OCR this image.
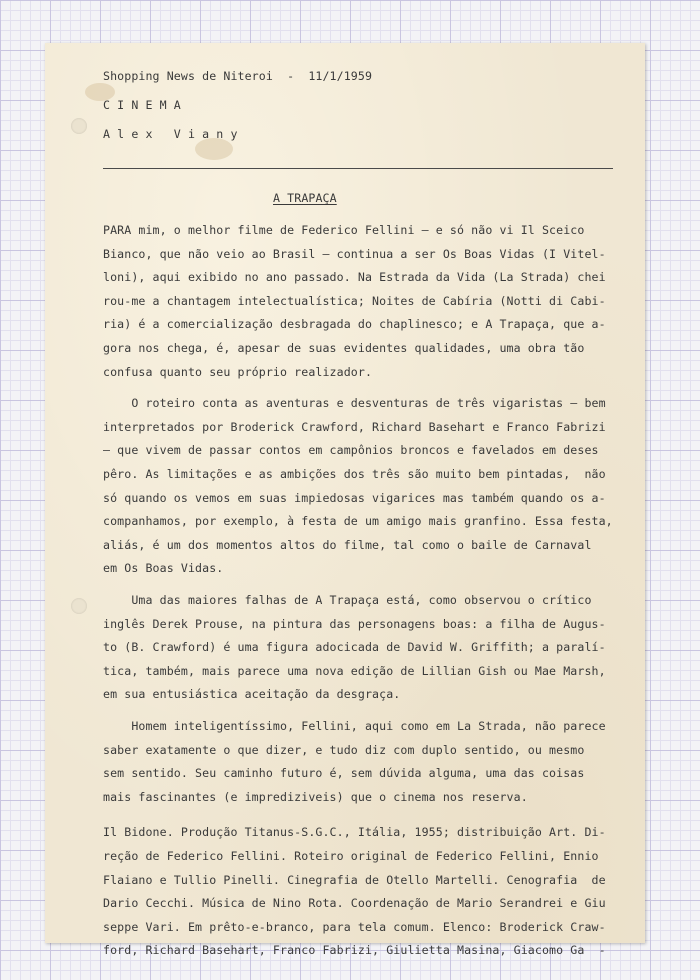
Shopping News de Niteroi  -  11/1/1959

C I N E M A

A l e x   V i a n y

A TRAPAÇA

PARA mim, o melhor filme de Federico Fellini — e só não vi Il Sceico

Bianco, que não veio ao Brasil — continua a ser Os Boas Vidas (I Vitel-

loni), aqui exibido no ano passado. Na Estrada da Vida (La Strada) chei

rou-me a chantagem intelectualística; Noites de Cabíria (Notti di Cabi-

ria) é a comercialização desbragada do chaplinesco; e A Trapaça, que a-

gora nos chega, é, apesar de suas evidentes qualidades, uma obra tão

confusa quanto seu próprio realizador.

O roteiro conta as aventuras e desventuras de três vigaristas — bem

interpretados por Broderick Crawford, Richard Basehart e Franco Fabrizi

— que vivem de passar contos em campônios broncos e favelados em deses

pêro. As limitações e as ambições dos três são muito bem pintadas,  não

só quando os vemos em suas impiedosas vigarices mas também quando os a-

companhamos, por exemplo, à festa de um amigo mais granfino. Essa festa,

aliás, é um dos momentos altos do filme, tal como o baile de Carnaval

em Os Boas Vidas.

Uma das maiores falhas de A Trapaça está, como observou o crítico

inglês Derek Prouse, na pintura das personagens boas: a filha de Augus-

to (B. Crawford) é uma figura adocicada de David W. Griffith; a paralí-

tica, também, mais parece uma nova edição de Lillian Gish ou Mae Marsh,

em sua entusiástica aceitação da desgraça.

Homem inteligentíssimo, Fellini, aqui como em La Strada, não parece

saber exatamente o que dizer, e tudo diz com duplo sentido, ou mesmo

sem sentido. Seu caminho futuro é, sem dúvida alguma, uma das coisas

mais fascinantes (e imprediziveis) que o cinema nos reserva.

Il Bidone. Produção Titanus-S.G.C., Itália, 1955; distribuição Art. Di-

reção de Federico Fellini. Roteiro original de Federico Fellini, Ennio

Flaiano e Tullio Pinelli. Cinegrafia de Otello Martelli. Cenografia  de

Dario Cecchi. Música de Nino Rota. Coordenação de Mario Serandrei e Giu

seppe Vari. Em prêto-e-branco, para tela comum. Elenco: Broderick Craw-

ford, Richard Basehart, Franco Fabrizi, Giulietta Masina, Giacomo Ga  -
